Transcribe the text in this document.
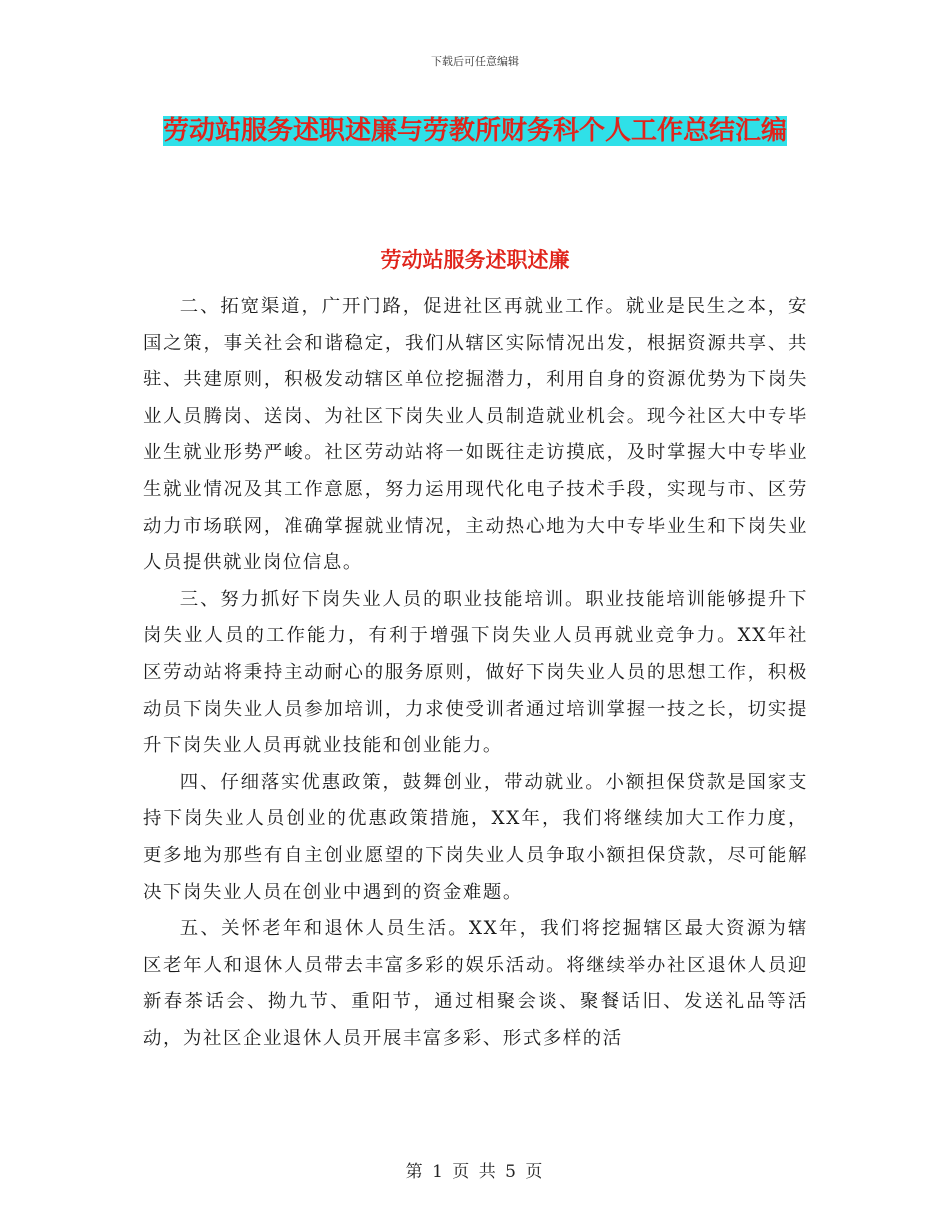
下载后可任意编辑
劳动站服务述职述廉与劳教所财务科个人工作总结汇编
劳动站服务述职述廉

二、拓宽渠道，广开门路，促进社区再就业工作。就业是民生之本，安国之策，事关社会和谐稳定，我们从辖区实际情况出发，根据资源共享、共驻、共建原则，积极发动辖区单位挖掘潜力，利用自身的资源优势为下岗失业人员腾岗、送岗、为社区下岗失业人员制造就业机会。现今社区大中专毕业生就业形势严峻。社区劳动站将一如既往走访摸底，及时掌握大中专毕业生就业情况及其工作意愿，努力运用现代化电子技术手段，实现与市、区劳动力市场联网，准确掌握就业情况，主动热心地为大中专毕业生和下岗失业人员提供就业岗位信息。

三、努力抓好下岗失业人员的职业技能培训。职业技能培训能够提升下岗失业人员的工作能力，有利于增强下岗失业人员再就业竞争力。XX年社区劳动站将秉持主动耐心的服务原则，做好下岗失业人员的思想工作，积极动员下岗失业人员参加培训，力求使受训者通过培训掌握一技之长，切实提升下岗失业人员再就业技能和创业能力。

四、仔细落实优惠政策，鼓舞创业，带动就业。小额担保贷款是国家支持下岗失业人员创业的优惠政策措施，XX年，我们将继续加大工作力度，更多地为那些有自主创业愿望的下岗失业人员争取小额担保贷款，尽可能解决下岗失业人员在创业中遇到的资金难题。

五、关怀老年和退休人员生活。XX年，我们将挖掘辖区最大资源为辖区老年人和退休人员带去丰富多彩的娱乐活动。将继续举办社区退休人员迎新春茶话会、拗九节、重阳节，通过相聚会谈、聚餐话旧、发送礼品等活动，为社区企业退休人员开展丰富多彩、形式多样的活

第 1 页 共 5 页
